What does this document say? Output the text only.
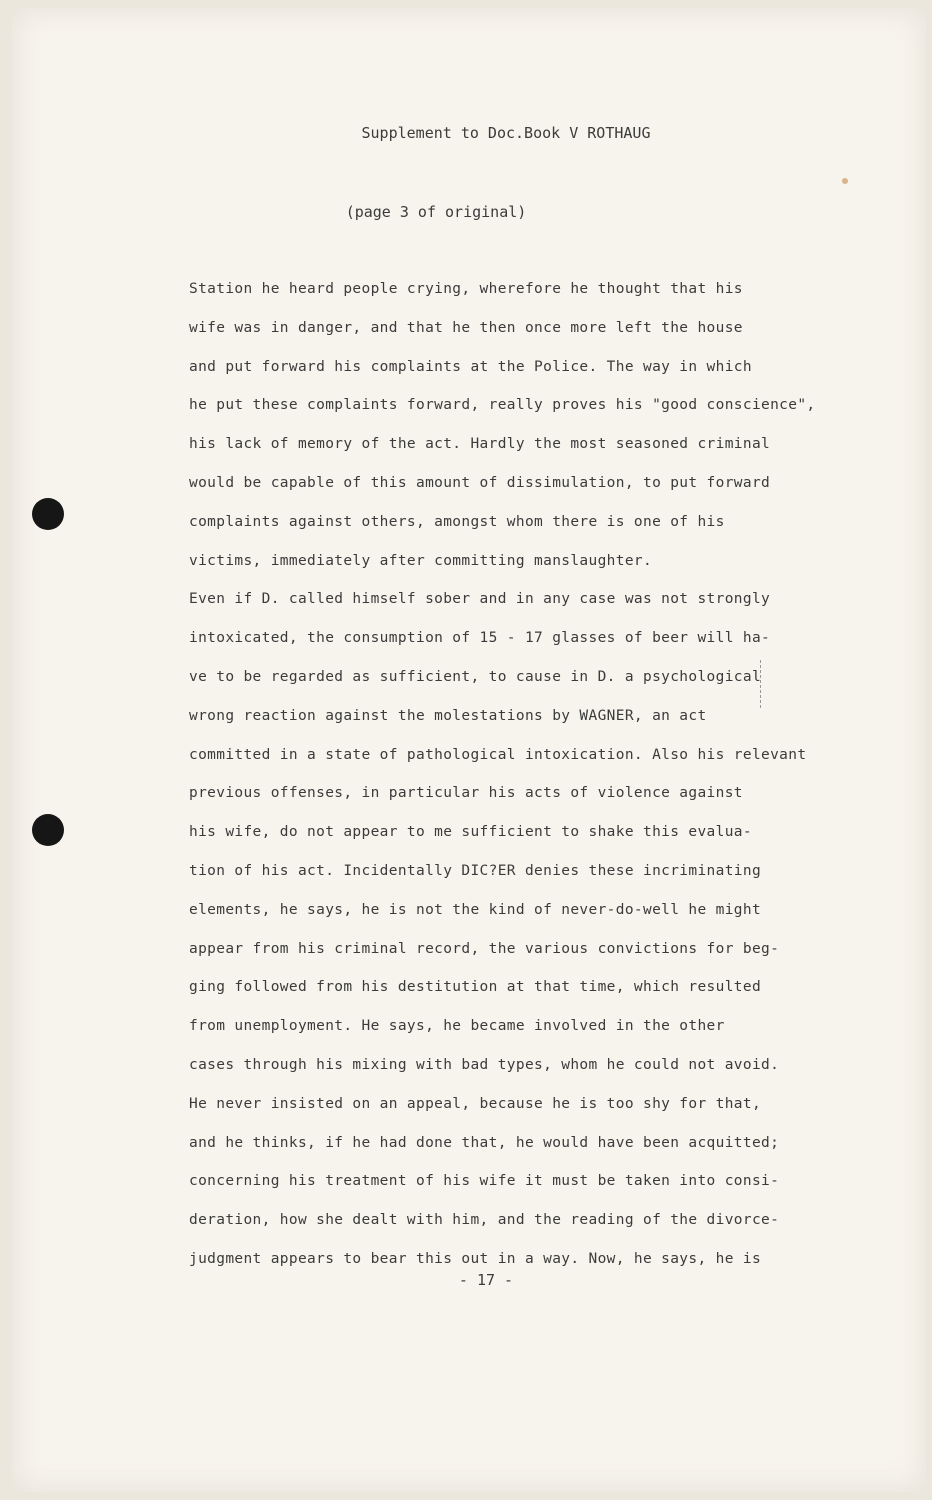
Supplement to Doc.Book V ROTHAUG
(page 3 of original)
Station he heard people crying, wherefore he thought that his
wife was in danger, and that he then once more left the house
and put forward his complaints at the Police. The way in which
he put these complaints forward, really proves his "good conscience",
his lack of memory of the act. Hardly the most seasoned criminal
would be capable of this amount of dissimulation, to put forward
complaints against others, amongst whom there is one of his
victims, immediately after committing manslaughter.
Even if D. called himself sober and in any case was not strongly
intoxicated, the consumption of 15 - 17 glasses of beer will ha-
ve to be regarded as sufficient, to cause in D. a psychological
wrong reaction against the molestations by WAGNER, an act
committed in a state of pathological intoxication. Also his relevant
previous offenses, in particular his acts of violence against
his wife, do not appear to me sufficient to shake this evalua-
tion of his act. Incidentally DIC?ER denies these incriminating
elements, he says, he is not the kind of never-do-well he might
appear from his criminal record, the various convictions for beg-
ging followed from his destitution at that time, which resulted
from unemployment. He says, he became involved in the other
cases through his mixing with bad types, whom he could not avoid.
He never insisted on an appeal, because he is too shy for that,
and he thinks, if he had done that, he would have been acquitted;
concerning his treatment of his wife it must be taken into consi-
deration, how she dealt with him, and the reading of the divorce-
judgment appears to bear this out in a way. Now, he says, he is
- 17 -
